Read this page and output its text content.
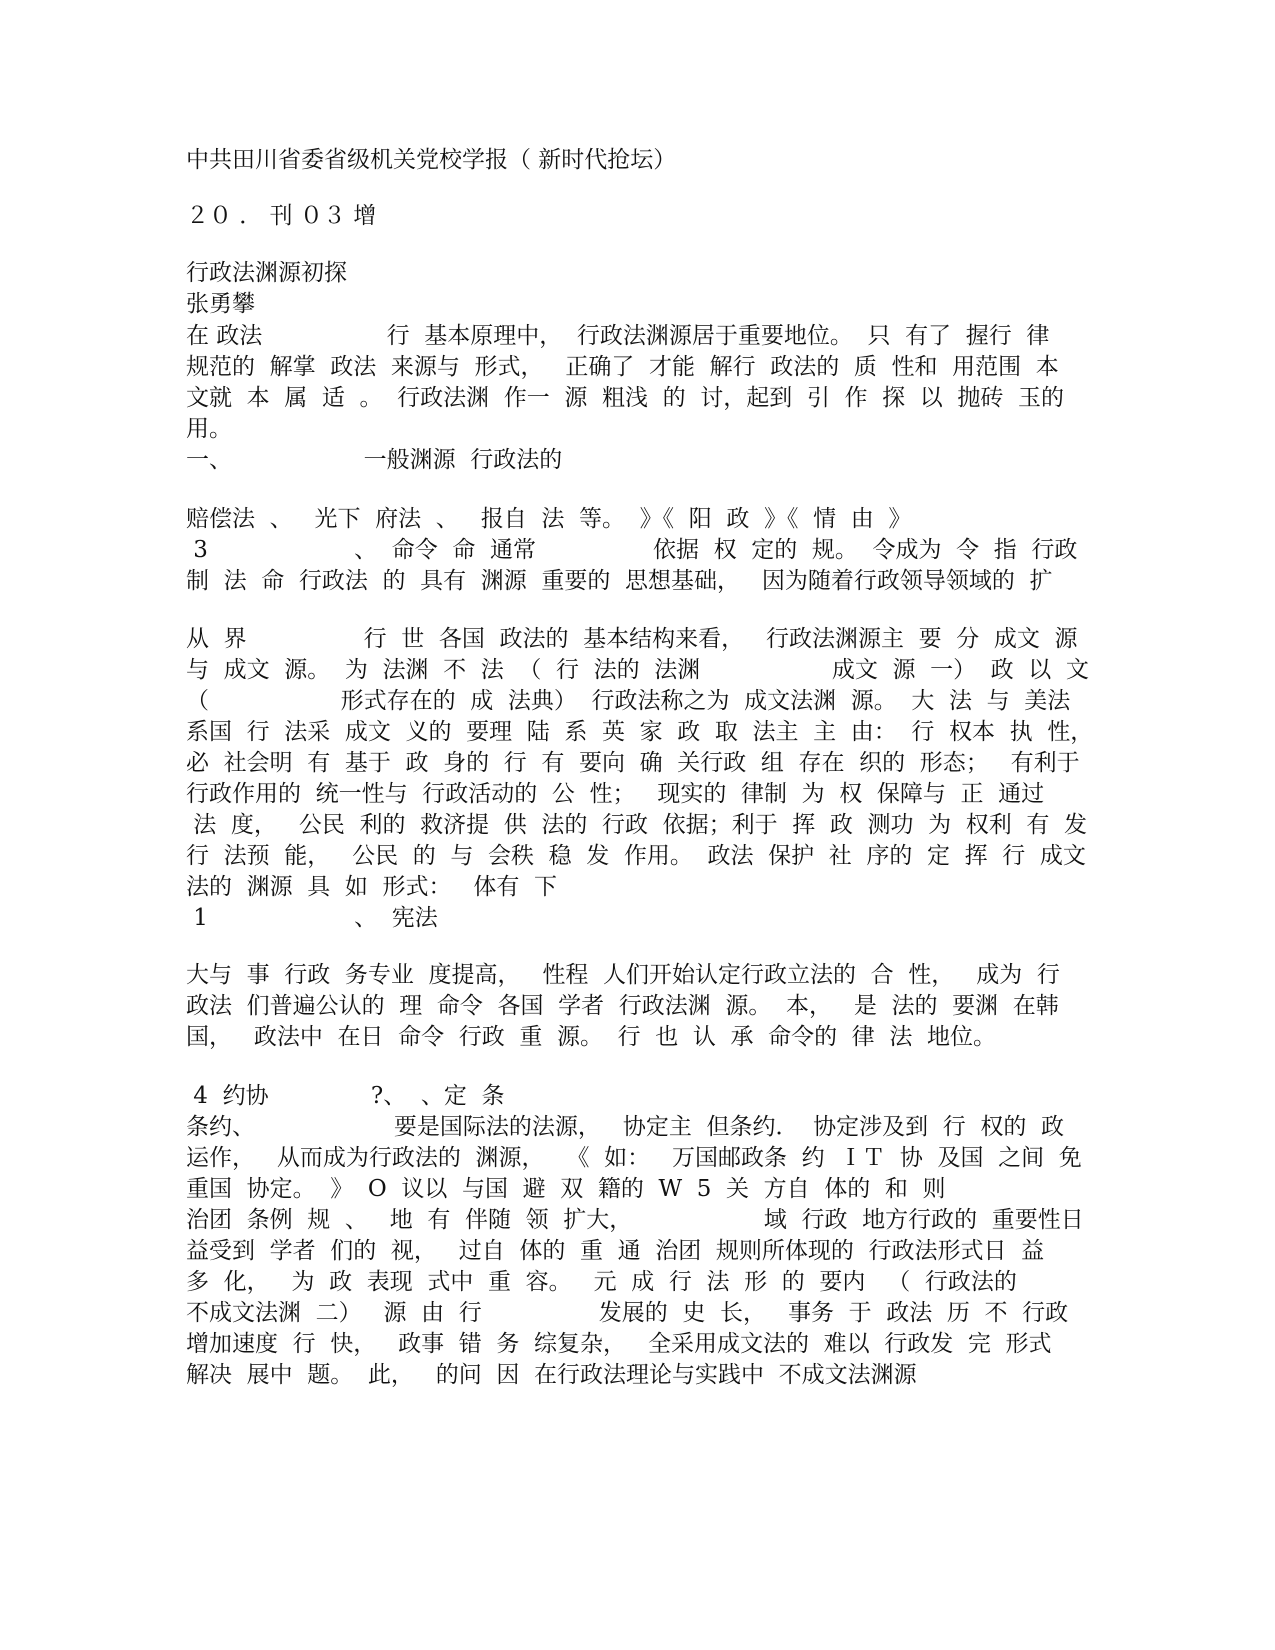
中共田川省委省级机关党校学报（ 新时代抢坛）

２０ ． 刊 ０３ 增

行政法渊源初探

张勇攀

在 政法                 行  基本原理中，  行政法渊源居于重要地位。  只  有了  握行  律

规范的  解掌  政法  来源与  形式，   正确了  才能  解行  政法的  质  性和  用范围  本

文就  本  属  适  。  行政法渊  作一  源  粗浅  的  讨，起到  引  作  探  以  抛砖  玉的

用。

一、                  一般渊源  行政法的

赔偿法  、   光下  府法  、   报自  法  等。  》《  阳  政  》《  情  由  》

3                    、  命令  命  通常                依据  权  定的  规。  令成为  令  指  行政

制  法  命  行政法  的  具有  渊源  重要的  思想基础，   因为随着行政领导领域的  扩

从  界                行  世  各国  政法的  基本结构来看，   行政法渊源主  要  分  成文  源

与  成文  源。  为  法渊  不  法  （  行  法的  法渊                  成文  源  一）  政  以  文

（                  形式存在的  成  法典）  行政法称之为  成文法渊  源。  大  法  与  美法

系国  行  法采  成文  义的  要理  陆  系  英  家  政  取  法主  主  由：  行  权本  执  性，

必  社会明  有  基于  政  身的  行  有  要向  确  关行政  组  存在  织的  形态；   有利于

行政作用的  统一性与  行政活动的  公  性；   现实的  律制  为  权  保障与  正  通过

法  度，   公民  利的  救济提  供  法的  行政  依据；利于  挥  政  测功  为  权利  有  发

行  法预  能，   公民  的  与  会秩  稳  发  作用。  政法  保护  社  序的  定  挥  行  成文

法的  渊源  具  如  形式：   体有  下

1                    、  宪法

大与  事  行政  务专业  度提高，   性程  人们开始认定行政立法的  合  性，   成为  行

政法  们普遍公认的  理  命令  各国  学者  行政法渊  源。  本，   是  法的  要渊  在韩

国，   政法中  在日  命令  行政  重  源。  行  也  认  承  命令的  律  法  地位。

4  约协              ?、  、定  条

条约、                   要是国际法的法源，   协定主  但条约．  协定涉及到  行  权的  政

运作，   从而成为行政法的  渊源，   《  如：   万国邮政条  约  ＩＴ  协  及国  之间  免

重国  协定。  》  O  议以  与国  避  双  籍的  W  5  关  方自  体的  和  则

治团  条例  规  、   地  有  伴随  领  扩大，                  域  行政  地方行政的  重要性日

益受到  学者  们的  视，   过自  体的  重  通  治团  规则所体现的  行政法形式日  益

多  化，   为  政  表现  式中  重  容。   元  成  行  法  形  的  要内   （  行政法的

不成文法渊  二）   源  由  行                发展的  史  长，   事务  于  政法  历  不  行政

增加速度  行  快，   政事  错  务  综复杂，   全采用成文法的  难以  行政发  完  形式

解决  展中  题。  此，   的问  因  在行政法理论与实践中  不成文法渊源
